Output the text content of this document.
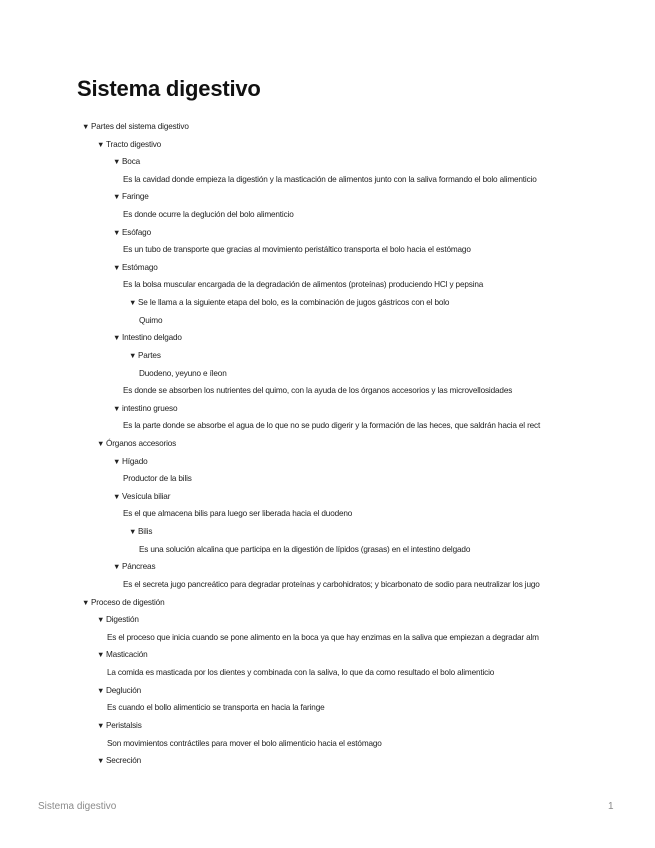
Sistema digestivo
▼ Partes del sistema digestivo
▼ Tracto digestivo
▼ Boca
Es la cavidad donde empieza la digestión y la masticación de alimentos junto con la saliva formando el bolo alimenticio
▼ Faringe
Es donde ocurre la deglución del bolo alimenticio
▼ Esófago
Es un tubo de transporte que gracias al movimiento peristáltico transporta el bolo hacia el estómago
▼ Estómago
Es la bolsa muscular encargada de la degradación de alimentos (proteínas) produciendo HCl y pepsina
▼ Se le llama a la siguiente etapa del bolo, es la combinación de jugos gástricos con el bolo
Quimo
▼ Intestino delgado
▼ Partes
Duodeno, yeyuno e íleon
Es donde se absorben los nutrientes del quimo, con la ayuda de los órganos accesorios y las microvellosidades
▼ intestino grueso
Es la parte donde se absorbe el agua de lo que no se pudo digerir y la formación de las heces, que saldrán hacia el rect
▼ Órganos accesorios
▼ Hígado
Productor de la bilis
▼ Vesícula biliar
Es el que almacena bilis para luego ser liberada hacia el duodeno
▼ Bilis
Es una solución alcalina que participa en la digestión de lípidos (grasas) en el intestino delgado
▼ Páncreas
Es el secreta jugo pancreático para degradar proteínas y carbohidratos; y bicarbonato de sodio para neutralizar los jugo
▼ Proceso de digestión
▼ Digestión
Es el proceso que inicia cuando se pone alimento en la boca ya que hay enzimas en la saliva que empiezan a degradar alm
▼ Masticación
La comida es masticada por los dientes y combinada con la saliva, lo que da como resultado el bolo alimenticio
▼ Deglución
Es cuando el bollo alimenticio se transporta en hacia la faringe
▼ Peristalsis
Son movimientos contráctiles para mover el bolo alimenticio hacia el estómago
▼ Secreción
Sistema digestivo	1
